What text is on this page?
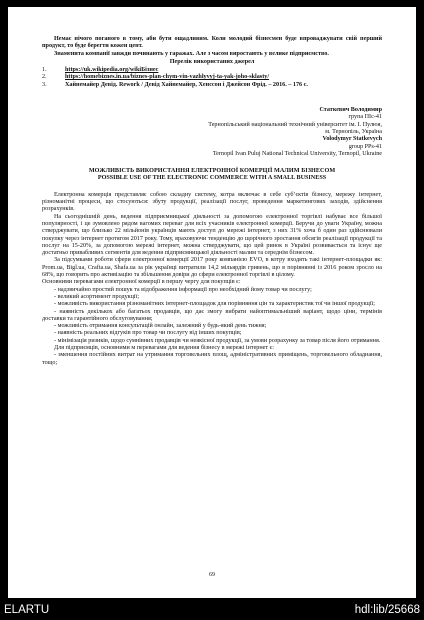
Немає нічого поганого в тому, аби бути ощадливим. Коли молодий бізнесмен буде впроваджувати свій перший продукт, то буде берегти кожен цент.

Знаменита компанії завжди починають у гаражах. Але з часом виростають у велике підприємство.

Перелік використаних джерел

1.	https://uk.wikipedia.org/wikiБізнес
2.	https://homebiznes.in.ua/biznes-plan-chym-vin-vazhlyvyj-ta-yak-joho-sklasty/
3.	Хайнемайер Девід. Rework / Девід Хайнемайер, Хенссон і Джейсон Фрід. – 2016. – 176 с.

Статкевич Володимир

група ПІс-41

Тернопільський національний технічний університет ім. І. Пулюя,

м. Тернопіль, Україна

Volodymyr Statkevych

group PPs-41

Ternopil Ivan Puluj National Technical University, Ternopil, Ukraine

МОЖЛИВІСТЬ ВИКОРИСТАННЯ ЕЛЕКТРОННОЇ КОМЕРЦІЇ МАЛИМ БІЗНЕСОМ

POSSIBLE USE OF THE ELECTRONIC COMMERCE WITH A SMALL BUSINESS

Електронна комерція представляє собою складну систему, котра включає в себе суб’єктів бізнесу, мережу інтернет, різноманітні процеси, що стосуються: збуту продукції, реалізації послуг, проведення маркетингових заходів, здійснення розрахунків.

На сьогоднішній день, ведення підприємницької діяльності за допомогою електронної торгівлі набуває все більшої популярності, і це зумовлено рядом вагомих переваг для всіх учасників електронної комерції. Беручи до уваги Україну, можна стверджувати, що близько 22 мільйонів українців мають доступ до мережі інтернет, з них 31% хоча б один раз здійснювали покупку через інтернет протягом 2017 року. Тому, враховуючи тенденцію до щорічного зростання обсягів реалізації продукції та послуг на 15-20%, за допомогою мережі інтернет, можна стверджувати, що цей ринок в Україні розвивається та існує ще достатньо привабливих сегментів для ведення підприємницької діяльності малим та середнім бізнесом.

За підсумками роботи сфери електронної комерції 2017 року компанією EVO, в котру входять такі інтернет-площадки як: Prom.ua, Bigl.ua, Crafta.ua, Shafa.ua за рік українці витратили 14,2 мільярдів гривень, що в порівнянні із 2016 роком зросло на 68%, що говорить про активізацію та збільшення довіри до сфери електронної торгівлі в цілому.

Основними перевагами електронної комерції в першу чергу для покупців є:

- надзвичайно простий пошук та відображення інформації про необхідний йому товар чи послугу;

- великий асортимент продукції;

- можливість використання різноманітних інтернет-площадок для порівняння цін та характеристик тої чи іншої продукції;

- наявність декількох або багатьох продавців, що дає змогу вибрати найоптимальніший варіант, щодо ціни, термінів доставки та гарантійного обслуговування;

- можливість отримання консультацій онлайн, залежний у будь-який день тижня;

- наявність реальних відгуків про товар чи послугу від інших покупців;

- мінімізація ризиків, щодо сумнівних продавців чи неякісної продукції, за умови розрахунку за товар після його отримання.

Для підприємців, основними м перевагами для ведення бізнесу в мережі інтернет є:

- зменшення постійних витрат на утримання торговельних площ, адміністративних приміщень, торговельного обладнання, тощо;

69
ELARTU	hdl:lib/25668
